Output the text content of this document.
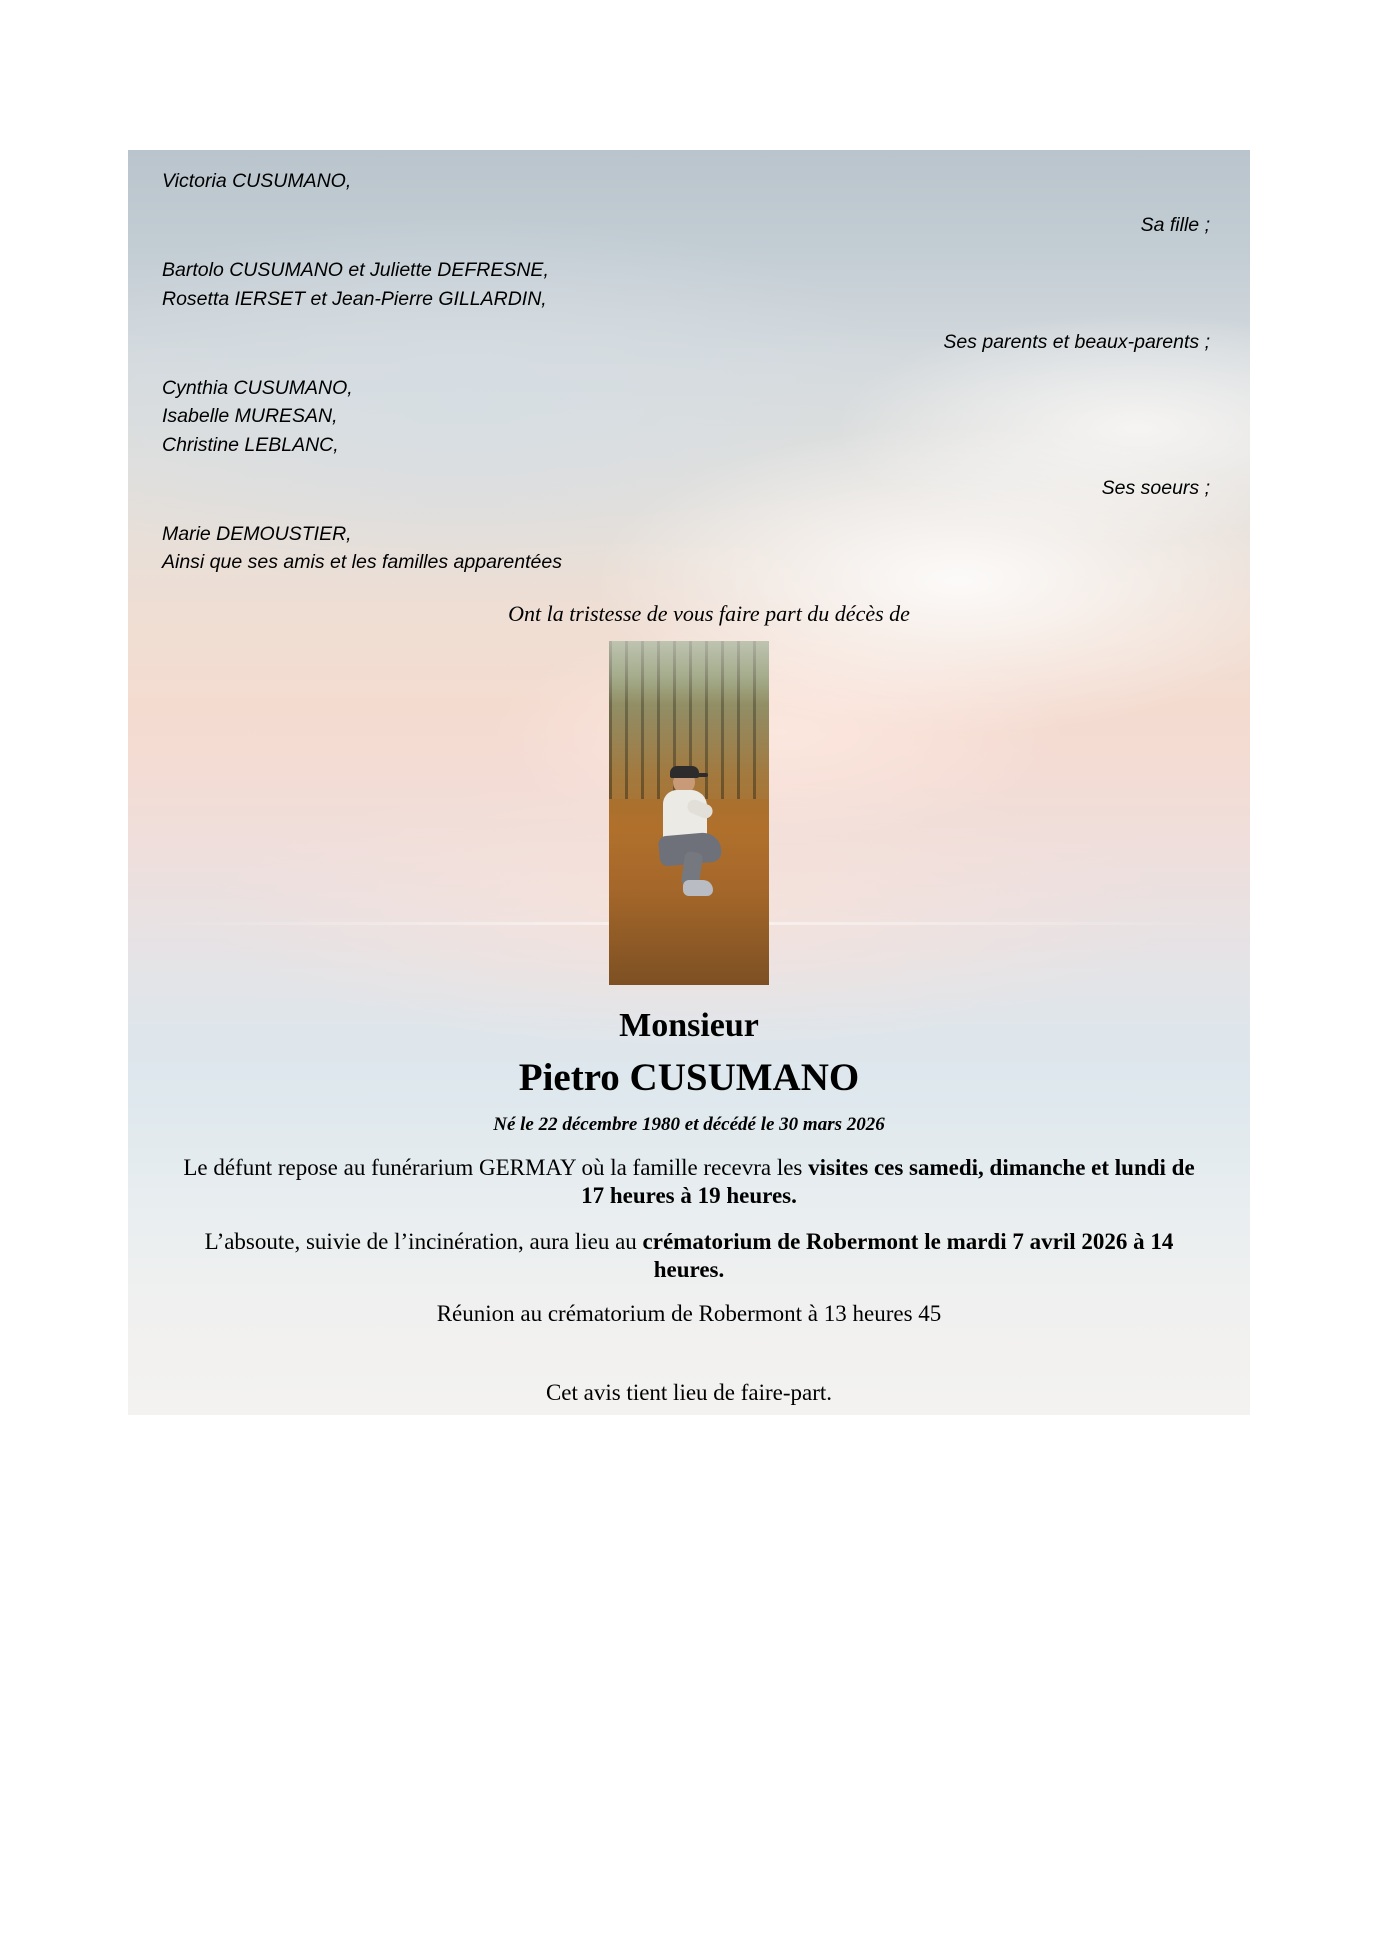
Victoria CUSUMANO,

Sa fille ;

Bartolo CUSUMANO et Juliette DEFRESNE,

Rosetta IERSET et Jean-Pierre GILLARDIN,

Ses parents et beaux-parents ;

Cynthia CUSUMANO,

Isabelle MURESAN,

Christine LEBLANC,

Ses soeurs ;

Marie DEMOUSTIER,

Ainsi que ses amis et les familles apparentées

Ont la tristesse de vous faire part du décès de
Monsieur
Pietro CUSUMANO
Né le 22 décembre 1980 et décédé le 30 mars 2026
Le défunt repose au funérarium GERMAY où la famille recevra les visites ces samedi, dimanche et lundi de 17 heures à 19 heures.
L’absoute, suivie de l’incinération, aura lieu au crématorium de Robermont le mardi 7 avril 2026 à 14 heures.
Réunion au crématorium de Robermont à 13 heures 45
Cet avis tient lieu de faire-part.
